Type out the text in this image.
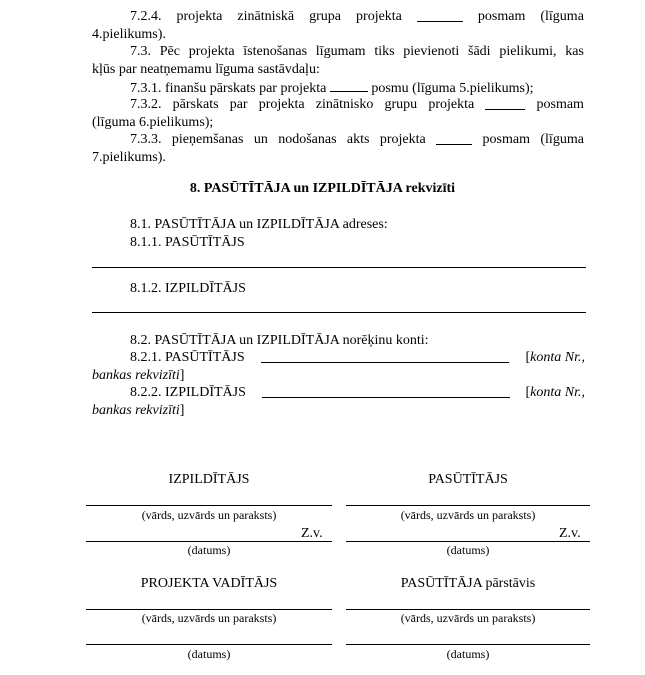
7.2.4. projekta zinātniskā grupa projekta	posmam (līguma
4.pielikums).
7.3. Pēc projekta īstenošanas līgumam tiks pievienoti šādi pielikumi, kas
kļūs par neatņemamu līguma sastāvdaļu:
7.3.1. finanšu pārskats par projekta	posmu (līguma 5.pielikums);
7.3.2. pārskats par projekta zinātnisko grupu projekta	posmam
(līguma 6.pielikums);
7.3.3. pieņemšanas un nodošanas akts projekta	posmam (līguma
7.pielikums).
8. PASŪTĪTĀJA un IZPILDĪTĀJA rekvizīti
8.1. PASŪTĪTĀJA un IZPILDĪTĀJA adreses:
8.1.1. PASŪTĪTĀJS
8.1.2. IZPILDĪTĀJS
8.2. PASŪTĪTĀJA un IZPILDĪTĀJA norēķinu konti:
8.2.1. PASŪTĪTĀJS	[konta Nr.,
bankas rekvizīti]
8.2.2. IZPILDĪTĀJS	[konta Nr.,
bankas rekvizīti]
IZPILDĪTĀJS
(vārds, uzvārds un paraksts)
Z.v.
(datums)
PASŪTĪTĀJS
(vārds, uzvārds un paraksts)
Z.v.
(datums)
PROJEKTA VADĪTĀJS
(vārds, uzvārds un paraksts)
(datums)
PASŪTĪTĀJA pārstāvis
(vārds, uzvārds un paraksts)
(datums)
